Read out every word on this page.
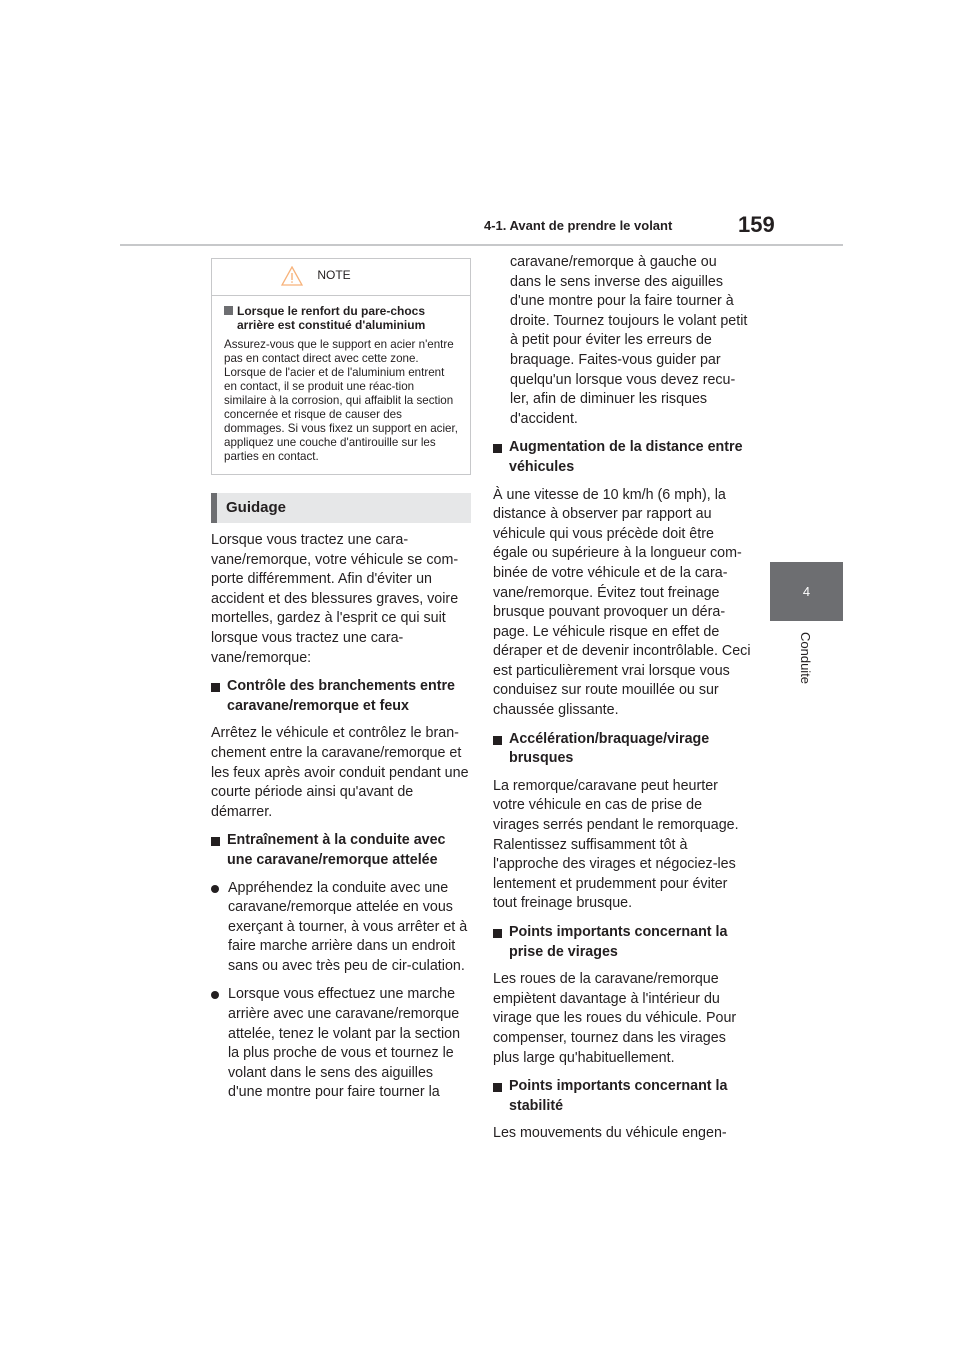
4-1. Avant de prendre le volant	159
4
Conduite
NOTE
Lorsque le renfort du pare-chocs arrière est constitué d'aluminium
Assurez-vous que le support en acier n'entre pas en contact direct avec cette zone.
Lorsque de l'acier et de l'aluminium entrent en contact, il se produit une réac-tion similaire à la corrosion, qui affaiblit la section concernée et risque de causer des dommages. Si vous fixez un support en acier, appliquez une couche d'antirouille sur les parties en contact.
Guidage

Lorsque vous tractez une cara-vane/remorque, votre véhicule se com-porte différemment. Afin d'éviter un accident et des blessures graves, voire mortelles, gardez à l'esprit ce qui suit lorsque vous tractez une cara-vane/remorque:

Contrôle des branchements entre caravane/remorque et feux

Arrêtez le véhicule et contrôlez le bran-chement entre la caravane/remorque et les feux après avoir conduit pendant une courte période ainsi qu'avant de démarrer.

Entraînement à la conduite avec une caravane/remorque attelée
Appréhendez la conduite avec une caravane/remorque attelée en vous exerçant à tourner, à vous arrêter et à faire marche arrière dans un endroit sans ou avec très peu de cir-culation.
Lorsque vous effectuez une marche arrière avec une caravane/remorque attelée, tenez le volant par la section la plus proche de vous et tournez le volant dans le sens des aiguilles d'une montre pour faire tourner la
caravane/remorque à gauche ou dans le sens inverse des aiguilles d'une montre pour la faire tourner à droite. Tournez toujours le volant petit à petit pour éviter les erreurs de braquage. Faites-vous guider par quelqu'un lorsque vous devez recu-ler, afin de diminuer les risques d'accident.
Augmentation de la distance entre véhicules

À une vitesse de 10 km/h (6 mph), la distance à observer par rapport au véhicule qui vous précède doit être égale ou supérieure à la longueur com-binée de votre véhicule et de la cara-vane/remorque. Évitez tout freinage brusque pouvant provoquer un déra-page. Le véhicule risque en effet de déraper et de devenir incontrôlable. Ceci est particulièrement vrai lorsque vous conduisez sur route mouillée ou sur chaussée glissante.

Accélération/braquage/virage brusques

La remorque/caravane peut heurter votre véhicule en cas de prise de virages serrés pendant le remorquage. Ralentissez suffisamment tôt à l'approche des virages et négociez-les lentement et prudemment pour éviter tout freinage brusque.

Points importants concernant la prise de virages

Les roues de la caravane/remorque empiètent davantage à l'intérieur du virage que les roues du véhicule. Pour compenser, tournez dans les virages plus large qu'habituellement.

Points importants concernant la stabilité

Les mouvements du véhicule engen-
